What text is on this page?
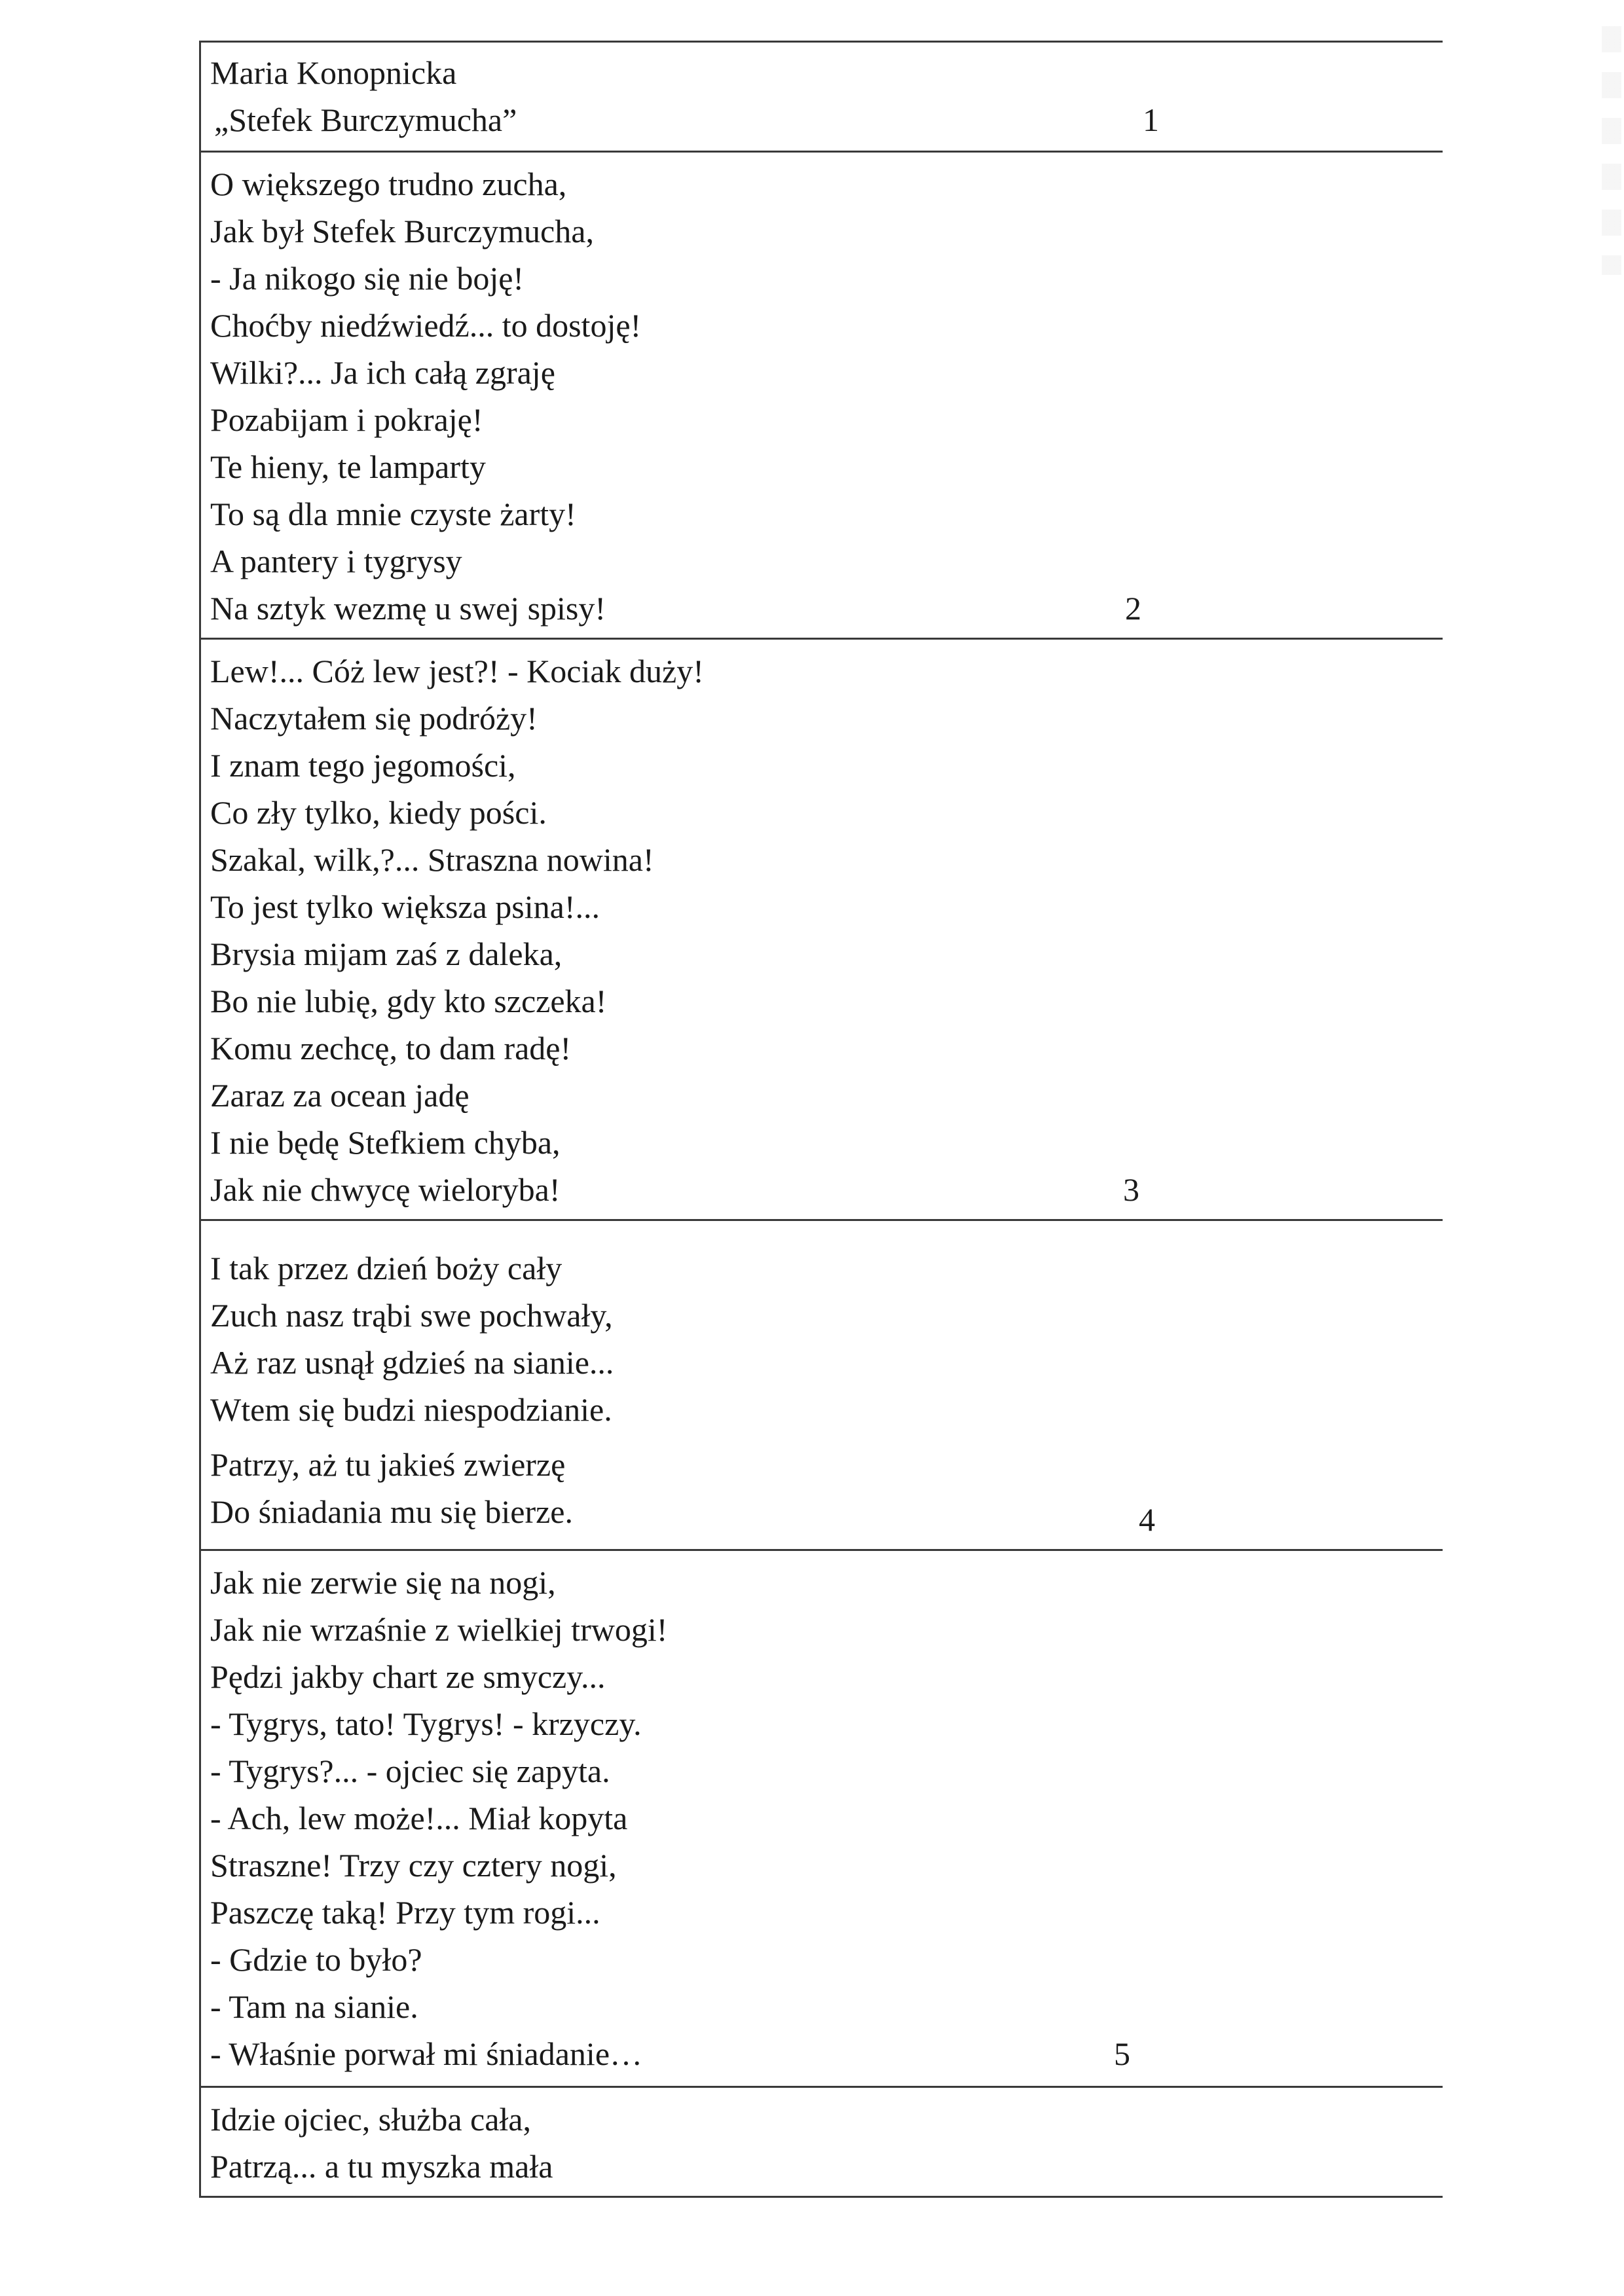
Maria Konopnicka
„Stefek Burczymucha”	1
O większego trudno zucha,
Jak był Stefek Burczymucha,
- Ja nikogo się nie boję!
Choćby niedźwiedź... to dostoję!
Wilki?... Ja ich całą zgraję
Pozabijam i pokraję!
Te hieny, te lamparty
To są dla mnie czyste żarty!
A pantery i tygrysy
Na sztyk wezmę u swej spisy!	2
Lew!... Cóż lew jest?! - Kociak duży!
Naczytałem się podróży!
I znam tego jegomości,
Co zły tylko, kiedy pości.
Szakal, wilk,?... Straszna nowina!
To jest tylko większa psina!...
Brysia mijam zaś z daleka,
Bo nie lubię, gdy kto szczeka!
Komu zechcę, to dam radę!
Zaraz za ocean jadę
I nie będę Stefkiem chyba,
Jak nie chwycę wieloryba!	3
I tak przez dzień boży cały
Zuch nasz trąbi swe pochwały,
Aż raz usnął gdzieś na sianie...
Wtem się budzi niespodzianie.
Patrzy, aż tu jakieś zwierzę
Do śniadania mu się bierze.	4
Jak nie zerwie się na nogi,
Jak nie wrzaśnie z wielkiej trwogi!
Pędzi jakby chart ze smyczy...
- Tygrys, tato! Tygrys! - krzyczy.
- Tygrys?... - ojciec się zapyta.
- Ach, lew może!... Miał kopyta
Straszne! Trzy czy cztery nogi,
Paszczę taką! Przy tym rogi...
- Gdzie to było?
- Tam na sianie.
- Właśnie porwał mi śniadanie…	5
Idzie ojciec, służba cała,
Patrzą... a tu myszka mała
